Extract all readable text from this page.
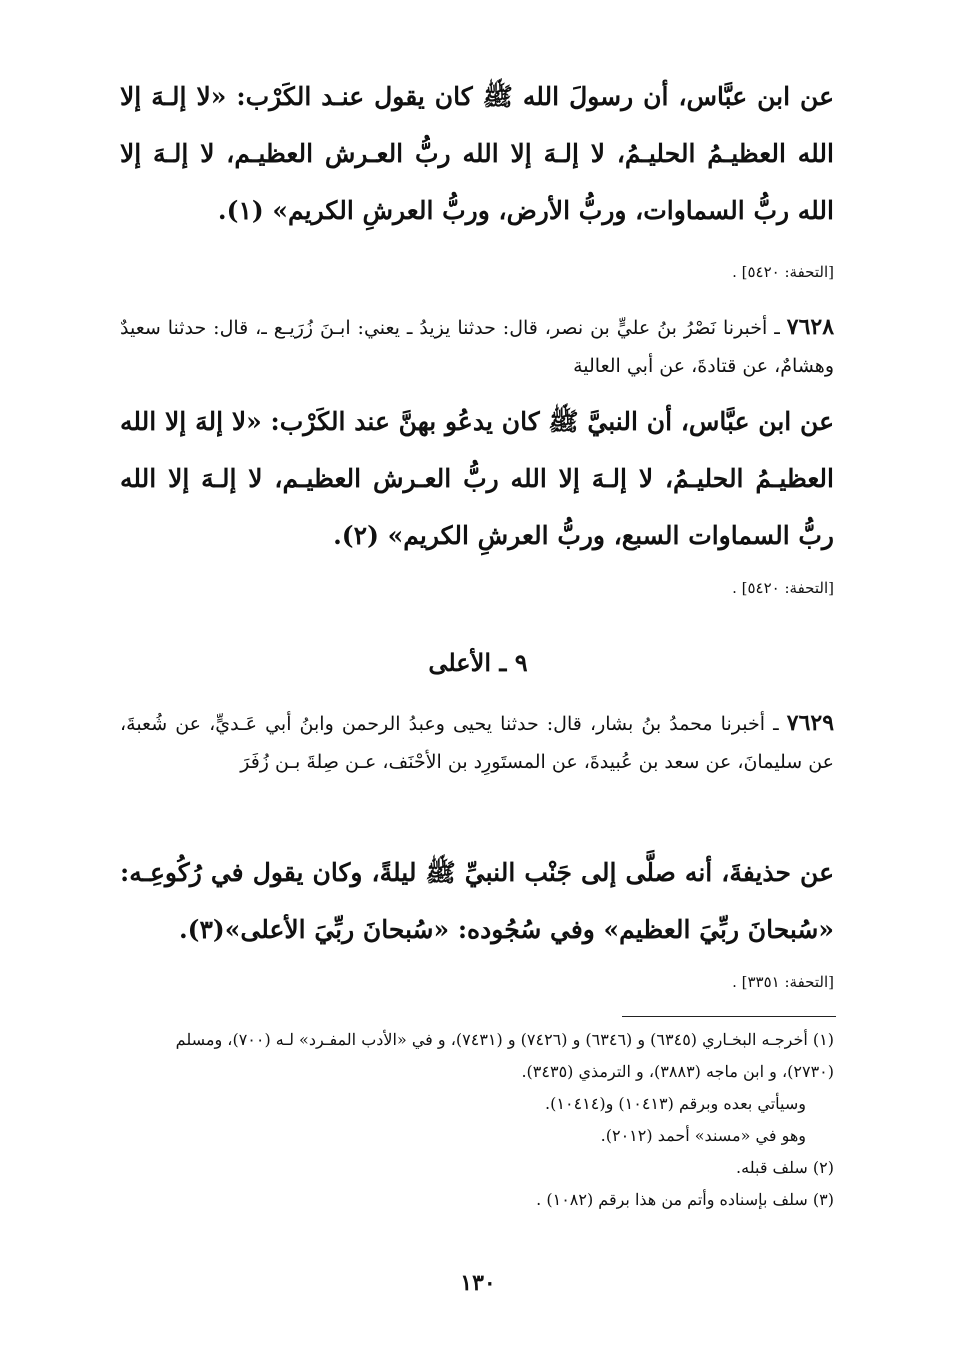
عن ابن عبَّاس، أن رسولَ الله ﷺ كان يقول عنـد الكَرْب: «لا إلـهَ إلا الله العظيـمُ الحليـمُ، لا إلـهَ إلا الله ربُّ العـرش العظيـم، لا إلـهَ إلا الله ربُّ السماوات، وربُّ الأرض، وربُّ العرشِ الكريم» (١).
[التحفة: ٥٤٢٠] .
٧٦٢٨ ـ أخبرنا نَصْرُ بنُ عليٍّ بن نصر، قال: حدثنا يزيدُ ـ يعني: ابـنَ زُرَيـع ـ، قال: حدثنا سعيدٌ وهشامٌ، عن قتادةَ، عن أبي العالية
عن ابن عبَّاس، أن النبيَّ ﷺ كان يدعُو بهنَّ عند الكَرْب: «لا إلهَ إلا الله العظيـمُ الحليـمُ، لا إلـهَ إلا الله ربُّ العـرش العظيـم، لا إلـهَ إلا الله ربُّ السماوات السبع، وربُّ العرشِ الكريم» (٢).
[التحفة: ٥٤٢٠] .
٩ ـ الأعلى
٧٦٢٩ ـ أخبرنا محمدُ بنُ بشار، قال: حدثنا يحيى وعبدُ الرحمن وابنُ أبي عَـديٍّ، عن شُعبةَ، عن سليمانَ، عن سعد بن عُبيدةَ، عن المستَورِد بن الأحْنَف، عـن صِلةَ بـن زُفَرَ
عن حذيفةَ، أنه صلَّى إلى جَنْب النبيِّ ﷺ ليلةً، وكان يقول في رُكُوعِـه: «سُبحانَ ربِّيَ العظيم» وفي سُجُوده: «سُبحانَ ربِّيَ الأعلى»(٣).
[التحفة: ٣٣٥١] .

(١) أخرجـه البخـاري (٦٣٤٥) و (٦٣٤٦) و (٧٤٢٦) و (٧٤٣١)، و في «الأدب المفـرد» لـه (٧٠٠)، ومسلم (٢٧٣٠)، و ابن ماجه (٣٨٨٣)، و الترمذي (٣٤٣٥).

وسيأتي بعده وبرقم (١٠٤١٣) و(١٠٤١٤).

وهو في «مسند» أحمد (٢٠١٢).

(٢) سلف قبله.

(٣) سلف بإسناده وأتم من هذا برقم (١٠٨٢) .

١٣٠
